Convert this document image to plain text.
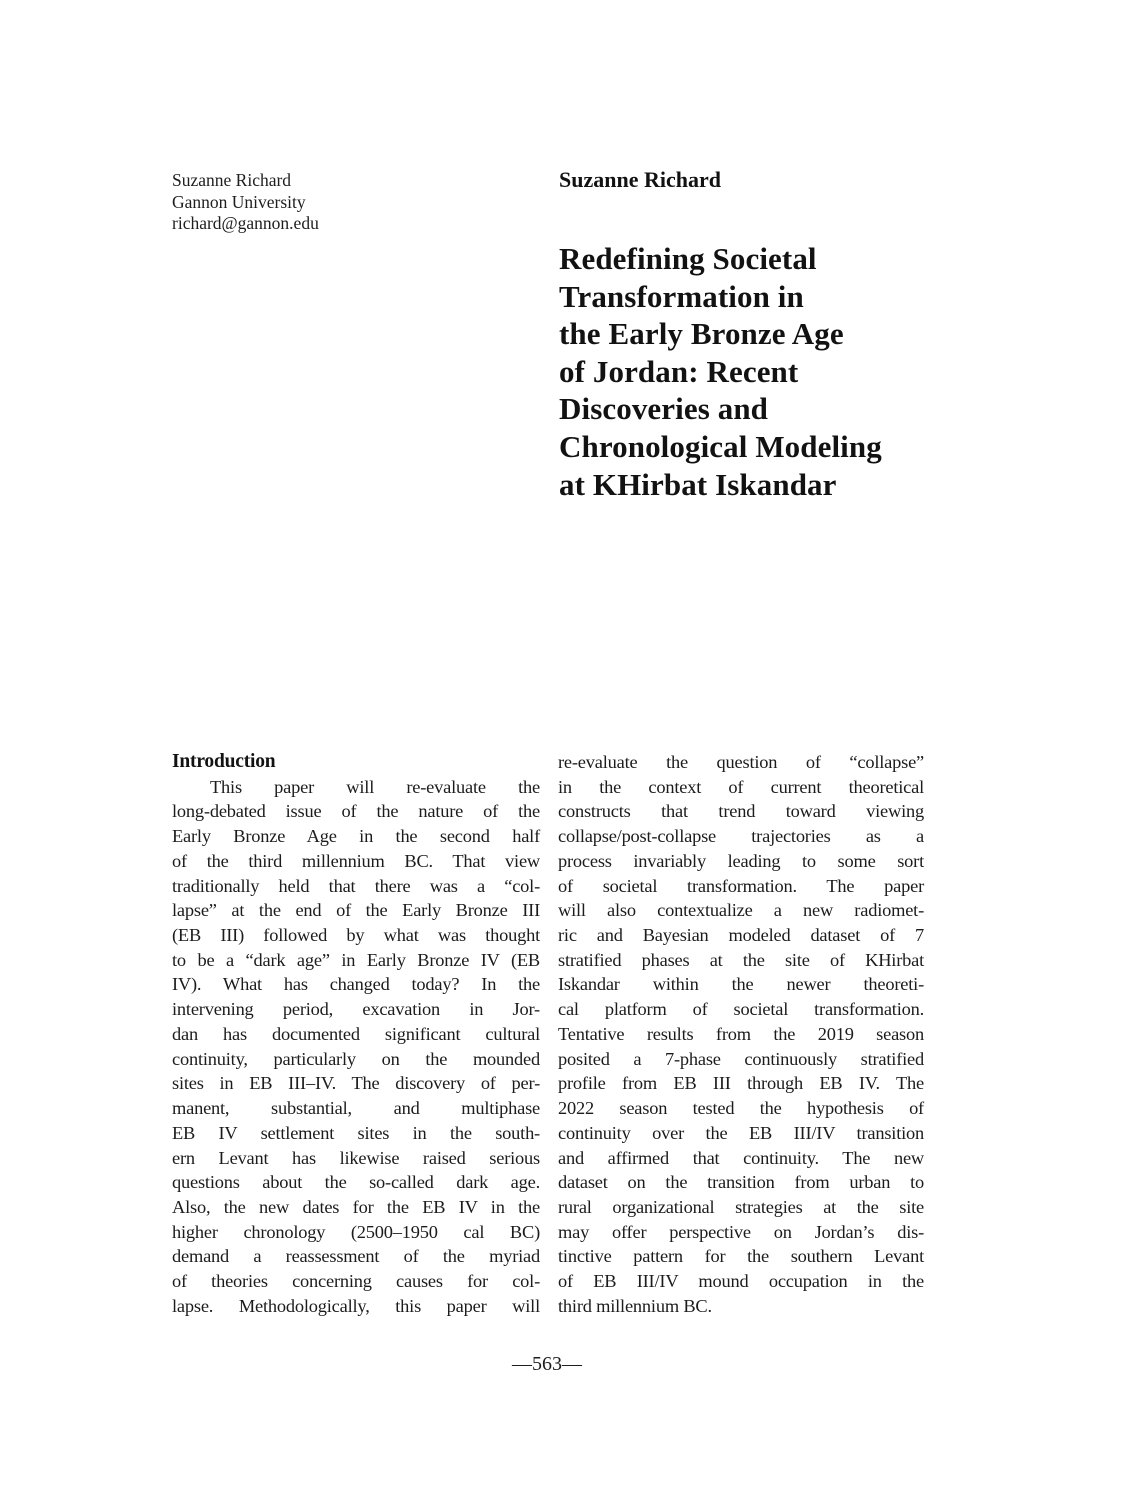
Suzanne Richard
Gannon University
richard@gannon.edu
Suzanne Richard
Redefining Societal
Transformation in
the Early Bronze Age
of Jordan: Recent
Discoveries and
Chronological Modeling
at KHirbat Iskandar
Introduction
This paper will re-evaluate the
long-debated issue of the nature of the
Early Bronze Age in the second half
of the third millennium BC. That view
traditionally held that there was a “col-
lapse” at the end of the Early Bronze III
(EB III) followed by what was thought
to be a “dark age” in Early Bronze IV (EB
IV). What has changed today? In the
intervening period, excavation in Jor-
dan has documented significant cultural
continuity, particularly on the mounded
sites in EB III–IV. The discovery of per-
manent, substantial, and multiphase
EB IV settlement sites in the south-
ern Levant has likewise raised serious
questions about the so-called dark age.
Also, the new dates for the EB IV in the
higher chronology (2500–1950 cal BC)
demand a reassessment of the myriad
of theories concerning causes for col-
lapse. Methodologically, this paper will
re-evaluate the question of “collapse”
in the context of current theoretical
constructs that trend toward viewing
collapse/post-collapse trajectories as a
process invariably leading to some sort
of societal transformation. The paper
will also contextualize a new radiomet-
ric and Bayesian modeled dataset of 7
stratified phases at the site of KHirbat
Iskandar within the newer theoreti-
cal platform of societal transformation.
Tentative results from the 2019 season
posited a 7-phase continuously stratified
profile from EB III through EB IV. The
2022 season tested the hypothesis of
continuity over the EB III/IV transition
and affirmed that continuity. The new
dataset on the transition from urban to
rural organizational strategies at the site
may offer perspective on Jordan’s dis-
tinctive pattern for the southern Levant
of EB III/IV mound occupation in the
third millennium BC.
—563—
